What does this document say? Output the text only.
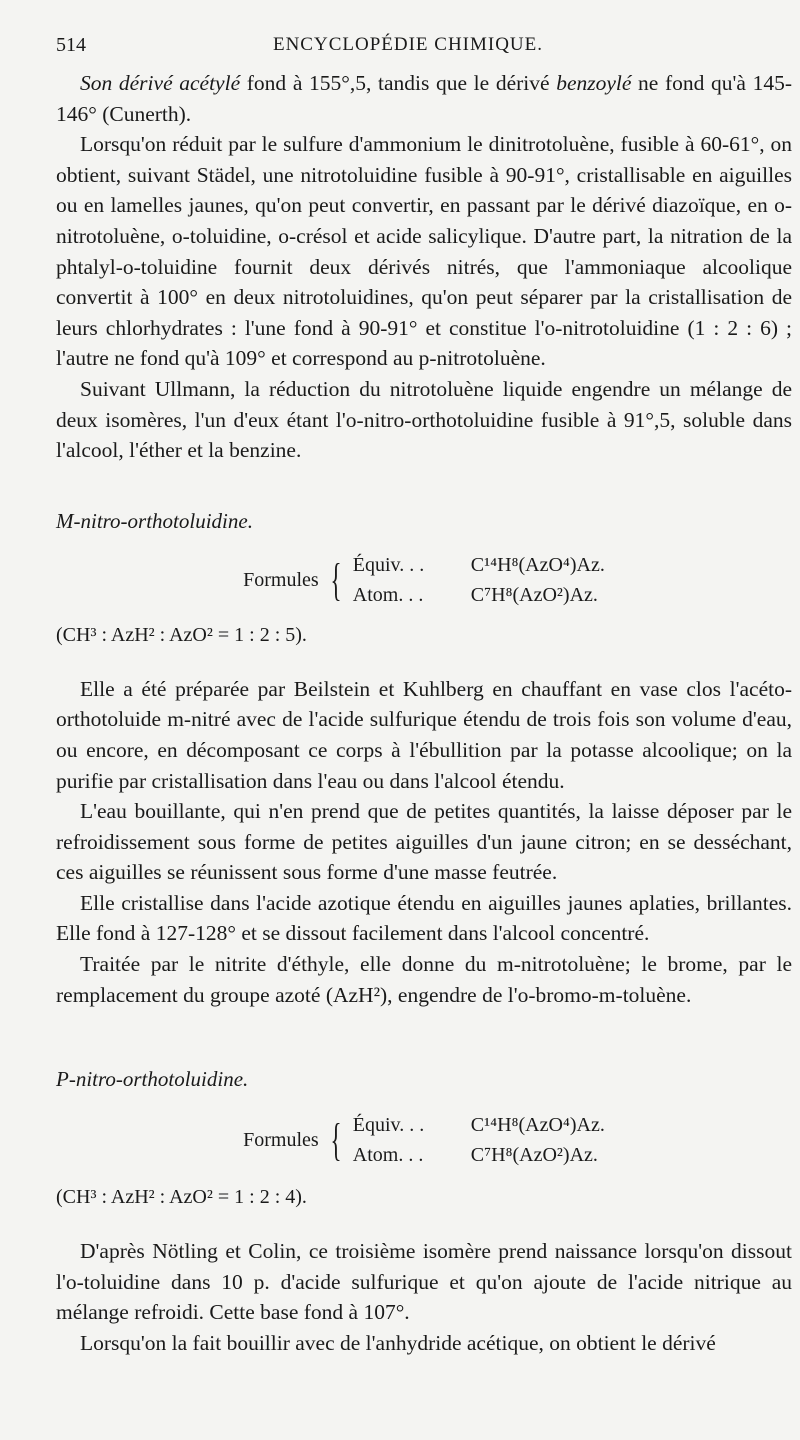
514	ENCYCLOPÉDIE CHIMIQUE.

Son dérivé acétylé fond à 155°,5, tandis que le dérivé benzoylé ne fond qu'à 145-146° (Cunerth).

Lorsqu'on réduit par le sulfure d'ammonium le dinitrotoluène, fusible à 60-61°, on obtient, suivant Städel, une nitrotoluidine fusible à 90-91°, cristallisable en aiguilles ou en lamelles jaunes, qu'on peut convertir, en passant par le dérivé diazoïque, en o-nitrotoluène, o-toluidine, o-crésol et acide salicylique. D'autre part, la nitration de la phtalyl-o-toluidine fournit deux dérivés nitrés, que l'ammoniaque alcoolique convertit à 100° en deux nitrotoluidines, qu'on peut séparer par la cristallisation de leurs chlorhydrates : l'une fond à 90-91° et constitue l'o-nitrotoluidine (1 : 2 : 6) ; l'autre ne fond qu'à 109° et correspond au p-nitrotoluène.

Suivant Ullmann, la réduction du nitrotoluène liquide engendre un mélange de deux isomères, l'un d'eux étant l'o-nitro-orthotoluidine fusible à 91°,5, soluble dans l'alcool, l'éther et la benzine.

M-nitro-orthotoluidine.

Formules { Équiv. . .	C¹⁴H⁸(AzO⁴)Az.
Atom. . .	C⁷H⁸(AzO²)Az.

(CH³ : AzH² : AzO² = 1 : 2 : 5).

Elle a été préparée par Beilstein et Kuhlberg en chauffant en vase clos l'acéto-orthotoluide m-nitré avec de l'acide sulfurique étendu de trois fois son volume d'eau, ou encore, en décomposant ce corps à l'ébullition par la potasse alcoolique; on la purifie par cristallisation dans l'eau ou dans l'alcool étendu.

L'eau bouillante, qui n'en prend que de petites quantités, la laisse déposer par le refroidissement sous forme de petites aiguilles d'un jaune citron; en se desséchant, ces aiguilles se réunissent sous forme d'une masse feutrée.

Elle cristallise dans l'acide azotique étendu en aiguilles jaunes aplaties, brillantes. Elle fond à 127-128° et se dissout facilement dans l'alcool concentré.

Traitée par le nitrite d'éthyle, elle donne du m-nitrotoluène; le brome, par le remplacement du groupe azoté (AzH²), engendre de l'o-bromo-m-toluène.

P-nitro-orthotoluidine.

Formules { Équiv. . .	C¹⁴H⁸(AzO⁴)Az.
Atom. . .	C⁷H⁸(AzO²)Az.

(CH³ : AzH² : AzO² = 1 : 2 : 4).

D'après Nötling et Colin, ce troisième isomère prend naissance lorsqu'on dissout l'o-toluidine dans 10 p. d'acide sulfurique et qu'on ajoute de l'acide nitrique au mélange refroidi. Cette base fond à 107°.

Lorsqu'on la fait bouillir avec de l'anhydride acétique, on obtient le dérivé
